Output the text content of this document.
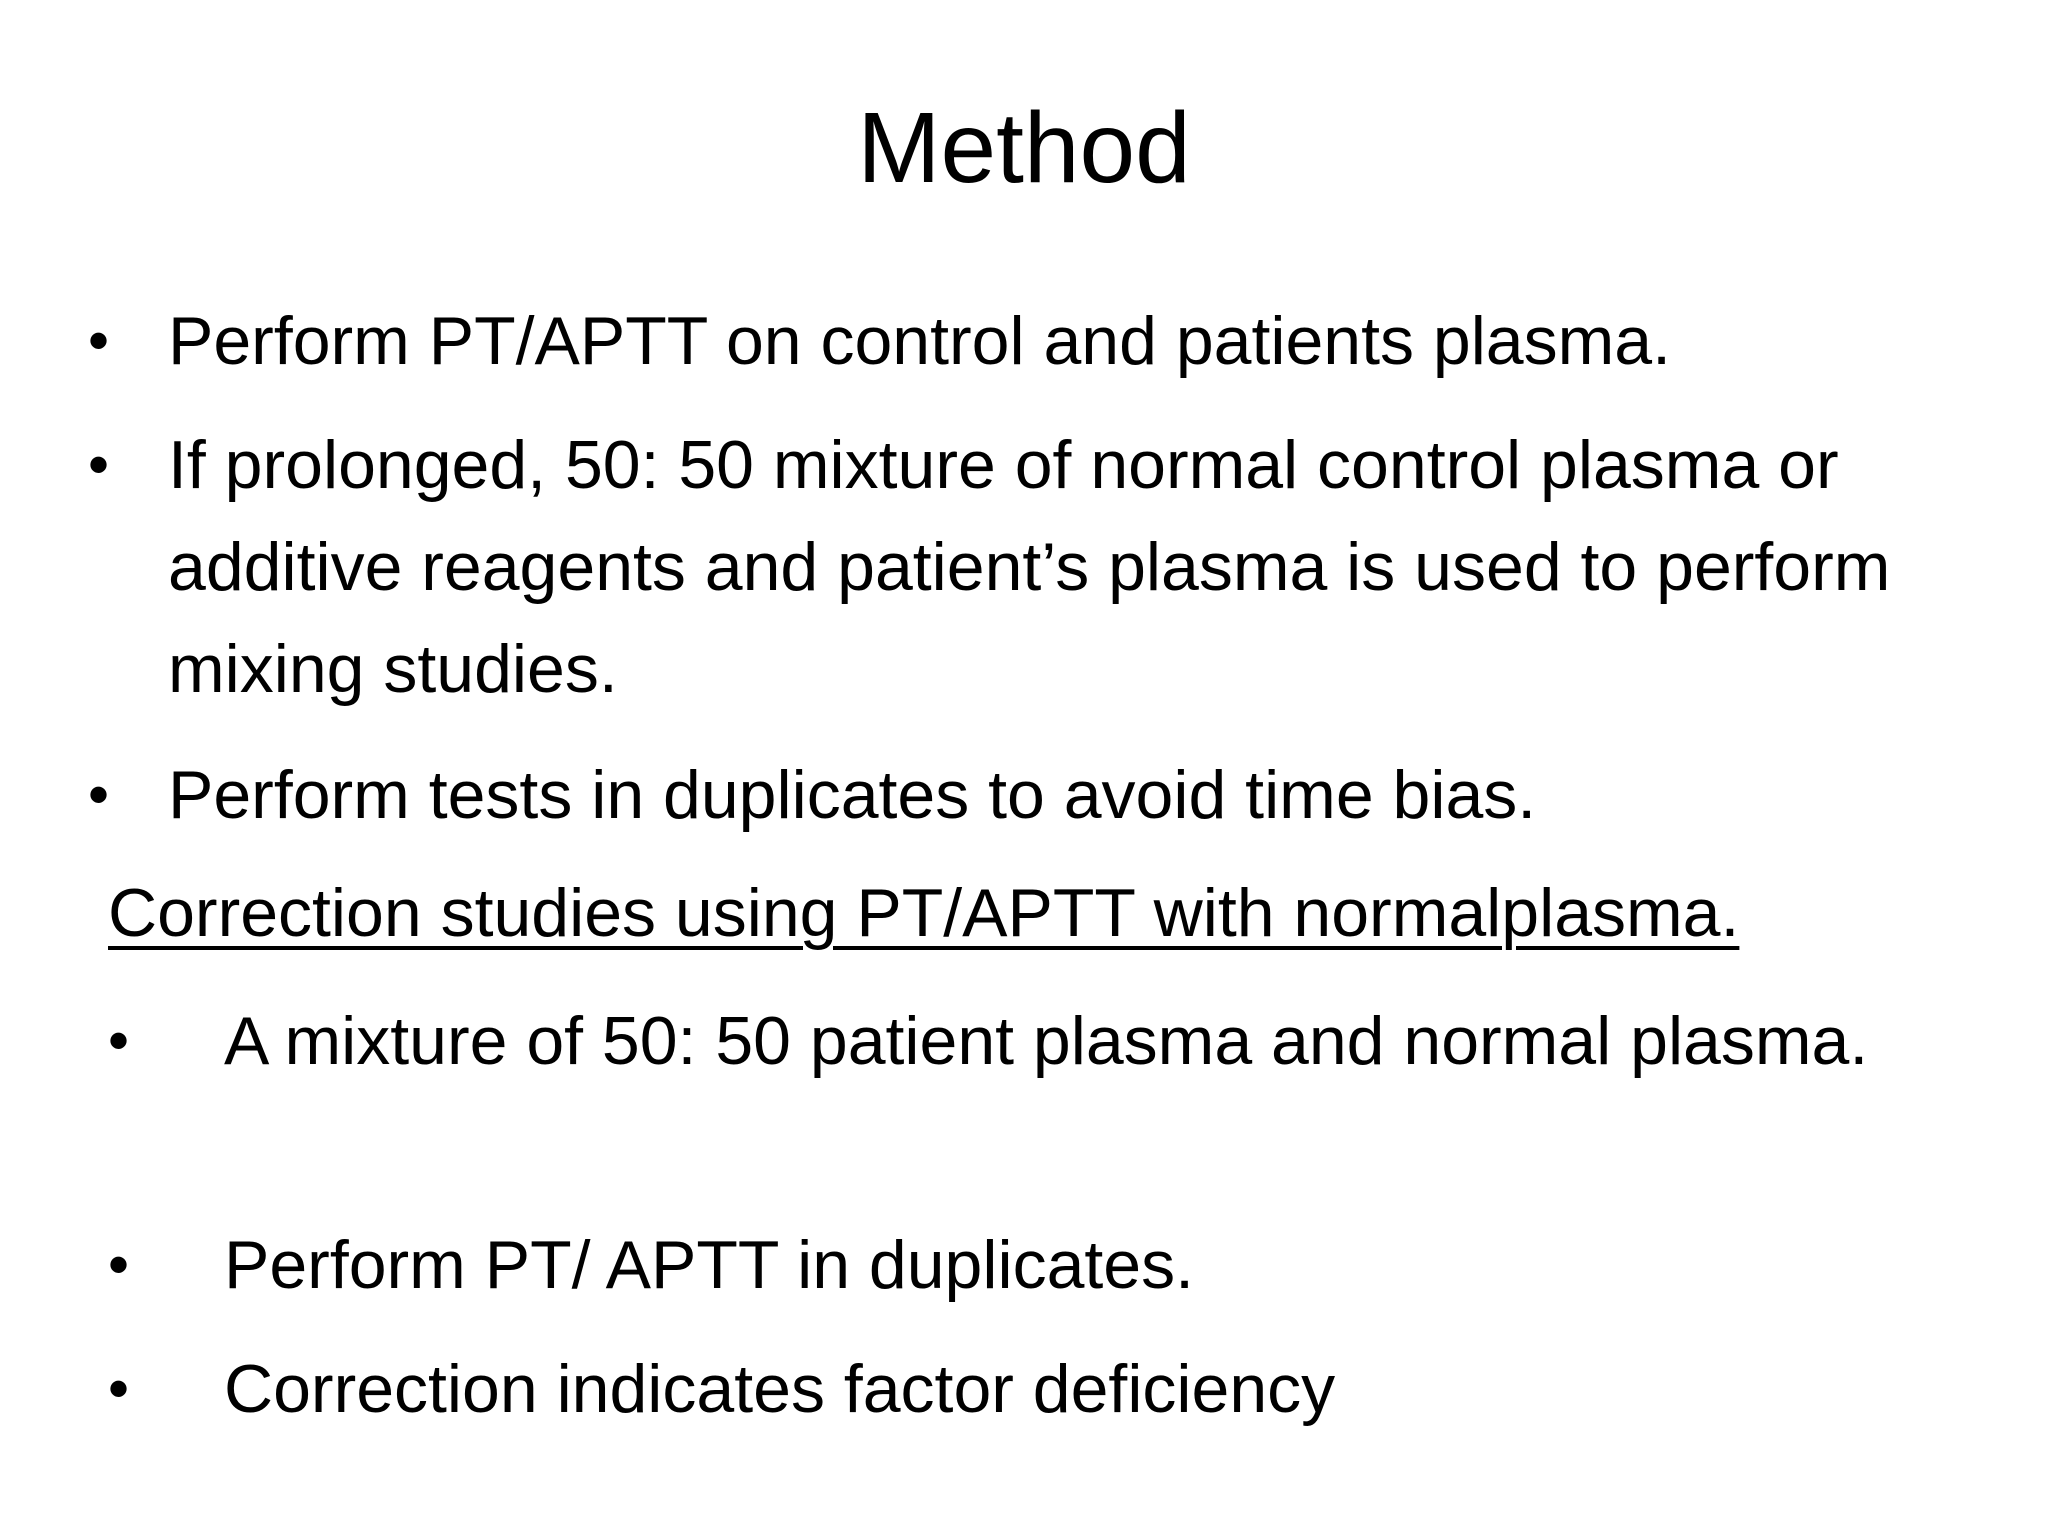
Method
• Perform PT/APTT on control and patients plasma.
• If prolonged, 50: 50 mixture of normal control plasma or additive reagents and patient’s plasma is used to perform mixing studies.
• Perform tests in duplicates to avoid time bias.
Correction studies using PT/APTT with normalplasma.
• A mixture of 50: 50 patient plasma and normal plasma.
• Perform PT/ APTT in duplicates.
• Correction indicates factor deficiency
